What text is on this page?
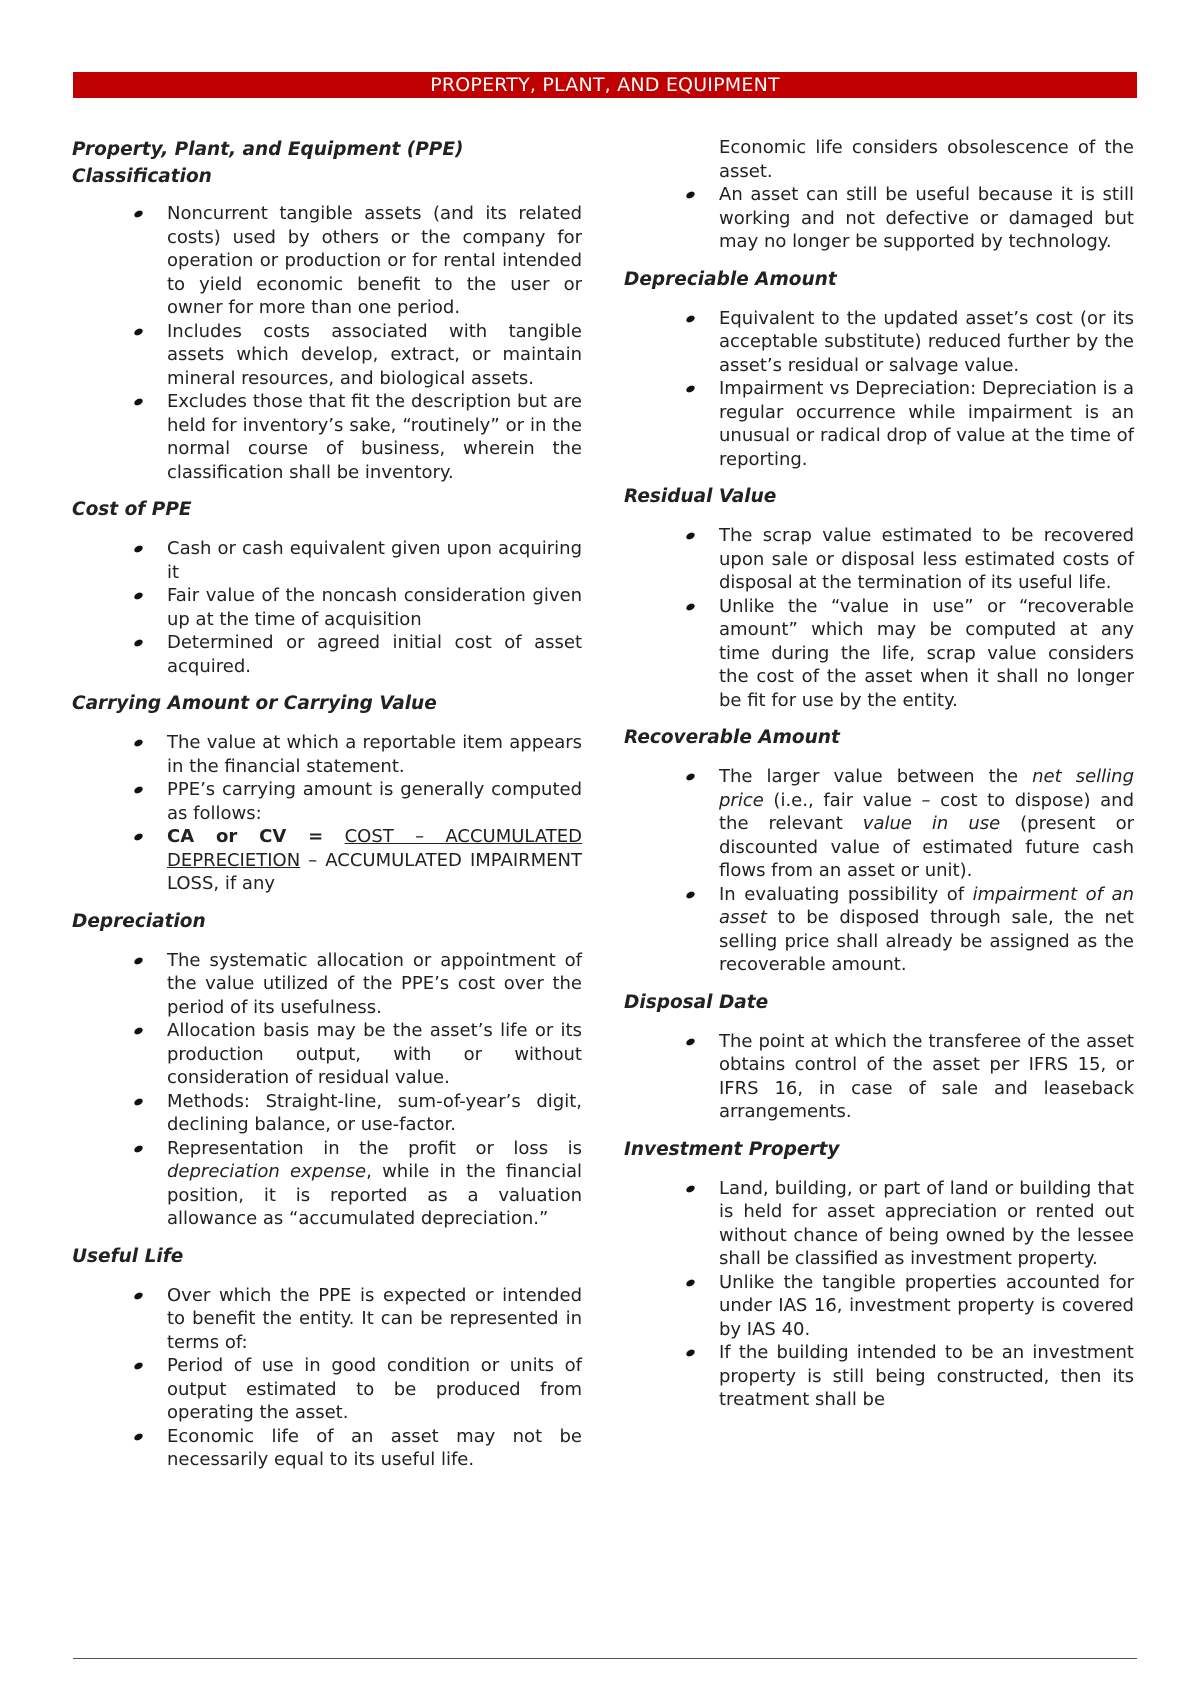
PROPERTY, PLANT, AND EQUIPMENT
Property, Plant, and Equipment (PPE)
Classification
Noncurrent tangible assets (and its related costs) used by others or the company for operation or production or for rental intended to yield economic benefit to the user or owner for more than one period.
Includes costs associated with tangible assets which develop, extract, or maintain mineral resources, and biological assets.
Excludes those that fit the description but are held for inventory’s sake, “routinely” or in the normal course of business, wherein the classification shall be inventory.
Cost of PPE
Cash or cash equivalent given upon acquiring it
Fair value of the noncash consideration given up at the time of acquisition
Determined or agreed initial cost of asset acquired.
Carrying Amount or Carrying Value
The value at which a reportable item appears in the financial statement.
PPE’s carrying amount is generally computed as follows:
CA or CV = COST – ACCUMULATED DEPRECIETION – ACCUMULATED IMPAIRMENT LOSS, if any
Depreciation
The systematic allocation or appointment of the value utilized of the PPE’s cost over the period of its usefulness.
Allocation basis may be the asset’s life or its production output, with or without consideration of residual value.
Methods: Straight-line, sum-of-year’s digit, declining balance, or use-factor.
Representation in the profit or loss is depreciation expense, while in the financial position, it is reported as a valuation allowance as “accumulated depreciation.”
Useful Life
Over which the PPE is expected or intended to benefit the entity. It can be represented in terms of:
Period of use in good condition or units of output estimated to be produced from operating the asset.
Economic life of an asset may not be necessarily equal to its useful life.
Economic life considers obsolescence of the asset.
An asset can still be useful because it is still working and not defective or damaged but may no longer be supported by technology.
Depreciable Amount
Equivalent to the updated asset’s cost (or its acceptable substitute) reduced further by the asset’s residual or salvage value.
Impairment vs Depreciation: Depreciation is a regular occurrence while impairment is an unusual or radical drop of value at the time of reporting.
Residual Value
The scrap value estimated to be recovered upon sale or disposal less estimated costs of disposal at the termination of its useful life.
Unlike the “value in use” or “recoverable amount” which may be computed at any time during the life, scrap value considers the cost of the asset when it shall no longer be fit for use by the entity.
Recoverable Amount
The larger value between the net selling price (i.e., fair value – cost to dispose) and the relevant value in use (present or discounted value of estimated future cash flows from an asset or unit).
In evaluating possibility of impairment of an asset to be disposed through sale, the net selling price shall already be assigned as the recoverable amount.
Disposal Date
The point at which the transferee of the asset obtains control of the asset per IFRS 15, or IFRS 16, in case of sale and leaseback arrangements.
Investment Property
Land, building, or part of land or building that is held for asset appreciation or rented out without chance of being owned by the lessee shall be classified as investment property.
Unlike the tangible properties accounted for under IAS 16, investment property is covered by IAS 40.
If the building intended to be an investment property is still being constructed, then its treatment shall be
